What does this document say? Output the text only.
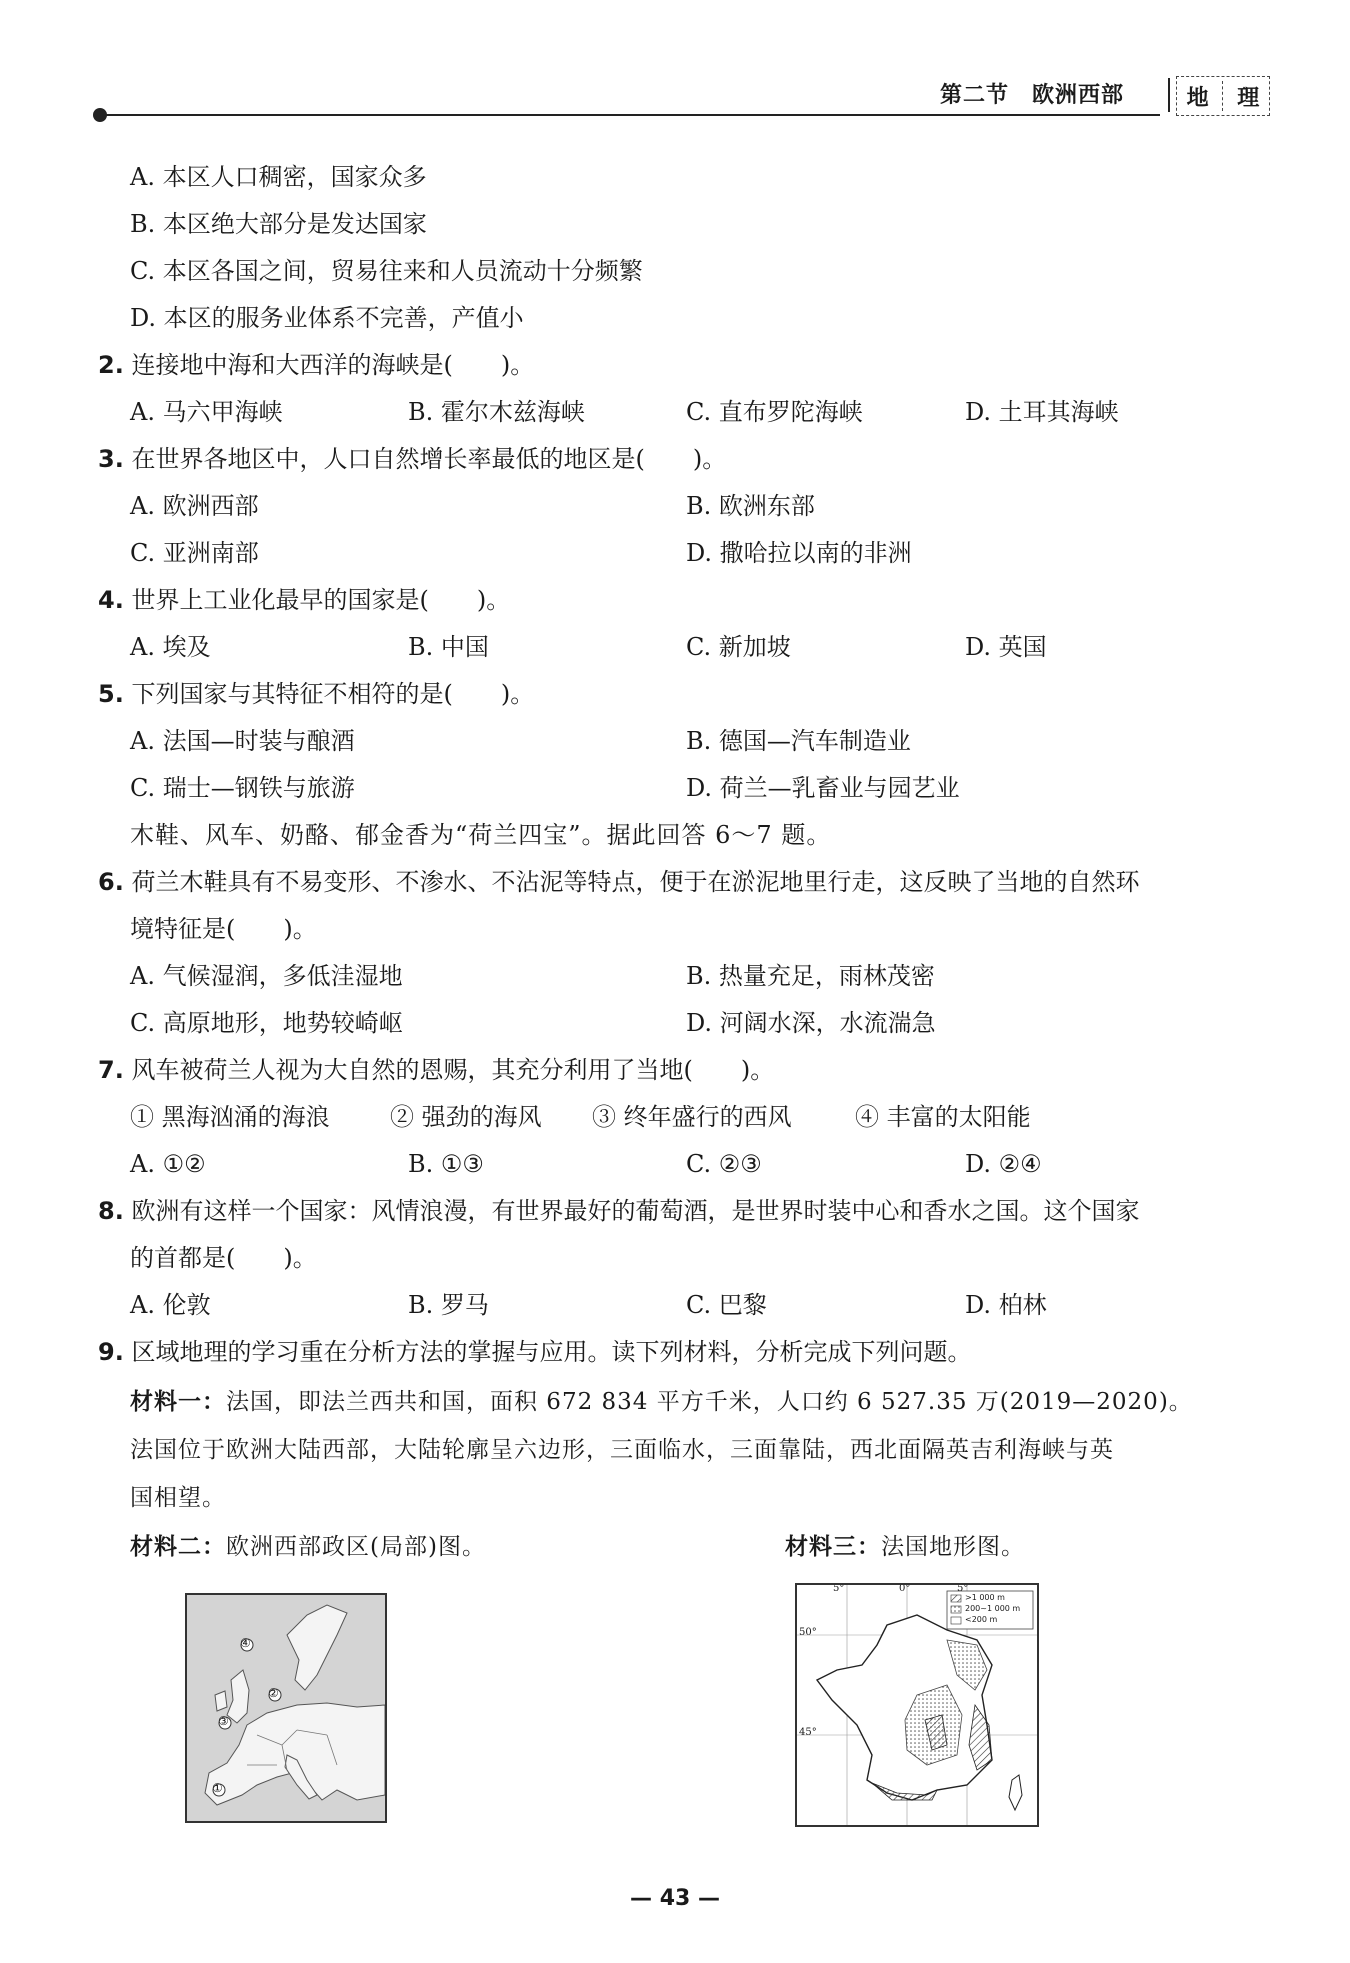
第二节　欧洲西部	地 理
A. 本区人口稠密，国家众多
B. 本区绝大部分是发达国家
C. 本区各国之间，贸易往来和人员流动十分频繁
D. 本区的服务业体系不完善，产值小
2. 连接地中海和大西洋的海峡是(　　)。
A. 马六甲海峡	B. 霍尔木兹海峡	C. 直布罗陀海峡	D. 土耳其海峡
3. 在世界各地区中，人口自然增长率最低的地区是(　　)。
A. 欧洲西部	B. 欧洲东部
C. 亚洲南部	D. 撒哈拉以南的非洲
4. 世界上工业化最早的国家是(　　)。
A. 埃及	B. 中国	C. 新加坡	D. 英国
5. 下列国家与其特征不相符的是(　　)。
A. 法国—时装与酿酒	B. 德国—汽车制造业
C. 瑞士—钢铁与旅游	D. 荷兰—乳畜业与园艺业
木鞋、风车、奶酪、郁金香为“荷兰四宝”。据此回答 6～7 题。
6. 荷兰木鞋具有不易变形、不渗水、不沾泥等特点，便于在淤泥地里行走，这反映了当地的自然环
境特征是(　　)。
A. 气候湿润，多低洼湿地	B. 热量充足，雨林茂密
C. 高原地形，地势较崎岖	D. 河阔水深，水流湍急
7. 风车被荷兰人视为大自然的恩赐，其充分利用了当地(　　)。
① 黑海汹涌的海浪	② 强劲的海风 ③ 终年盛行的西风	④ 丰富的太阳能
A. ①②	B. ①③	C. ②③	D. ②④
8. 欧洲有这样一个国家：风情浪漫，有世界最好的葡萄酒，是世界时装中心和香水之国。这个国家
的首都是(　　)。
A. 伦敦	B. 罗马	C. 巴黎	D. 柏林
9. 区域地理的学习重在分析方法的掌握与应用。读下列材料，分析完成下列问题。
材料一：法国，即法兰西共和国，面积 672 834 平方千米，人口约 6 527.35 万(2019—2020)。
法国位于欧洲大陆西部，大陆轮廓呈六边形，三面临水，三面靠陆，西北面隔英吉利海峡与英
国相望。
材料二：欧洲西部政区(局部)图。	材料三：法国地形图。
④
③
②
①
5°	0°	5°
50°
45°
>1 000 m
200~1 000 m
<200 m
— 43 —
